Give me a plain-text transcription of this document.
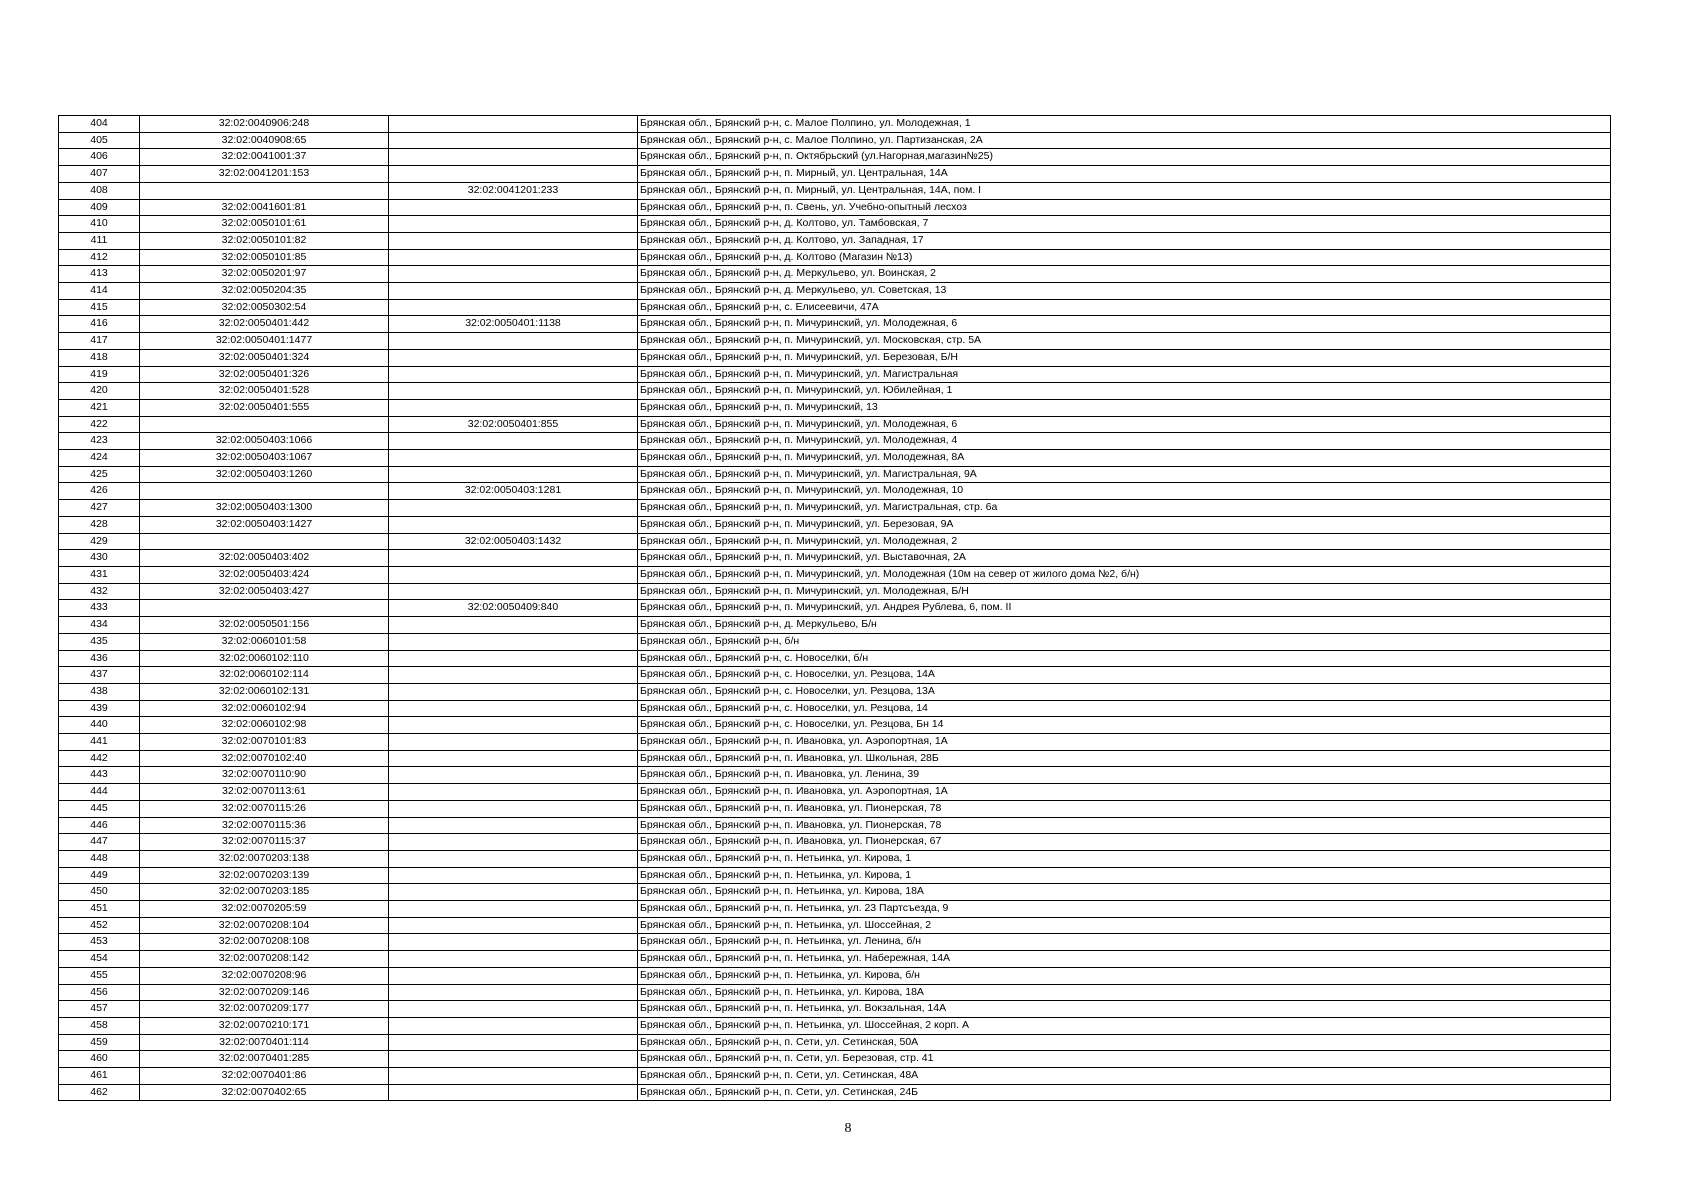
404	32:02:0040906:248		Брянская обл., Брянский р-н, с. Малое Полпино, ул. Молодежная, 1
405	32:02:0040908:65		Брянская обл., Брянский р-н, с. Малое Полпино, ул. Партизанская, 2А
406	32:02:0041001:37		Брянская обл., Брянский р-н, п. Октябрьский (ул.Нагорная,магазин№25)
407	32:02:0041201:153		Брянская обл., Брянский р-н, п. Мирный, ул. Центральная, 14А
408		32:02:0041201:233	Брянская обл., Брянский р-н, п. Мирный, ул. Центральная, 14А, пом. I
409	32:02:0041601:81		Брянская обл., Брянский р-н, п. Свень, ул. Учебно-опытный лесхоз
410	32:02:0050101:61		Брянская обл., Брянский р-н, д. Колтово, ул. Тамбовская, 7
411	32:02:0050101:82		Брянская обл., Брянский р-н, д. Колтово, ул. Западная, 17
412	32:02:0050101:85		Брянская обл., Брянский р-н, д. Колтово (Магазин №13)
413	32:02:0050201:97		Брянская обл., Брянский р-н, д. Меркульево, ул. Воинская, 2
414	32:02:0050204:35		Брянская обл., Брянский р-н, д. Меркульево, ул. Советская, 13
415	32:02:0050302:54		Брянская обл., Брянский р-н, с. Елисеевичи, 47А
416	32:02:0050401:442	32:02:0050401:1138	Брянская обл., Брянский р-н, п. Мичуринский, ул. Молодежная, 6
417	32:02:0050401:1477		Брянская обл., Брянский р-н, п. Мичуринский, ул. Московская, стр. 5А
418	32:02:0050401:324		Брянская обл., Брянский р-н, п. Мичуринский, ул. Березовая, Б/Н
419	32:02:0050401:326		Брянская обл., Брянский р-н, п. Мичуринский, ул. Магистральная
420	32:02:0050401:528		Брянская обл., Брянский р-н, п. Мичуринский, ул. Юбилейная, 1
421	32:02:0050401:555		Брянская обл., Брянский р-н, п. Мичуринский, 13
422		32:02:0050401:855	Брянская обл., Брянский р-н, п. Мичуринский, ул. Молодежная, 6
423	32:02:0050403:1066		Брянская обл., Брянский р-н, п. Мичуринский, ул. Молодежная, 4
424	32:02:0050403:1067		Брянская обл., Брянский р-н, п. Мичуринский, ул. Молодежная, 8А
425	32:02:0050403:1260		Брянская обл., Брянский р-н, п. Мичуринский, ул. Магистральная, 9А
426		32:02:0050403:1281	Брянская обл., Брянский р-н, п. Мичуринский, ул. Молодежная, 10
427	32:02:0050403:1300		Брянская обл., Брянский р-н, п. Мичуринский, ул. Магистральная, стр. 6а
428	32:02:0050403:1427		Брянская обл., Брянский р-н, п. Мичуринский, ул. Березовая, 9А
429		32:02:0050403:1432	Брянская обл., Брянский р-н, п. Мичуринский, ул. Молодежная, 2
430	32:02:0050403:402		Брянская обл., Брянский р-н, п. Мичуринский, ул. Выставочная, 2А
431	32:02:0050403:424		Брянская обл., Брянский р-н, п. Мичуринский, ул. Молодежная (10м на север от жилого дома №2, б/н)
432	32:02:0050403:427		Брянская обл., Брянский р-н, п. Мичуринский, ул. Молодежная, Б/Н
433		32:02:0050409:840	Брянская обл., Брянский р-н, п. Мичуринский, ул. Андрея Рублева, 6, пом. II
434	32:02:0050501:156		Брянская обл., Брянский р-н, д. Меркульево, Б/н
435	32:02:0060101:58		Брянская обл., Брянский р-н, б/н
436	32:02:0060102:110		Брянская обл., Брянский р-н, с. Новоселки, б/н
437	32:02:0060102:114		Брянская обл., Брянский р-н, с. Новоселки, ул. Резцова, 14А
438	32:02:0060102:131		Брянская обл., Брянский р-н, с. Новоселки, ул. Резцова, 13А
439	32:02:0060102:94		Брянская обл., Брянский р-н, с. Новоселки, ул. Резцова, 14
440	32:02:0060102:98		Брянская обл., Брянский р-н, с. Новоселки, ул. Резцова, Бн 14
441	32:02:0070101:83		Брянская обл., Брянский р-н, п. Ивановка, ул. Аэропортная, 1А
442	32:02:0070102:40		Брянская обл., Брянский р-н, п. Ивановка, ул. Школьная, 28Б
443	32:02:0070110:90		Брянская обл., Брянский р-н, п. Ивановка, ул. Ленина, 39
444	32:02:0070113:61		Брянская обл., Брянский р-н, п. Ивановка, ул. Аэропортная, 1А
445	32:02:0070115:26		Брянская обл., Брянский р-н, п. Ивановка, ул. Пионерская, 78
446	32:02:0070115:36		Брянская обл., Брянский р-н, п. Ивановка, ул. Пионерская, 78
447	32:02:0070115:37		Брянская обл., Брянский р-н, п. Ивановка, ул. Пионерская, 67
448	32:02:0070203:138		Брянская обл., Брянский р-н, п. Нетьинка, ул. Кирова, 1
449	32:02:0070203:139		Брянская обл., Брянский р-н, п. Нетьинка, ул. Кирова, 1
450	32:02:0070203:185		Брянская обл., Брянский р-н, п. Нетьинка, ул. Кирова, 18А
451	32:02:0070205:59		Брянская обл., Брянский р-н, п. Нетьинка, ул. 23 Партсъезда, 9
452	32:02:0070208:104		Брянская обл., Брянский р-н, п. Нетьинка, ул. Шоссейная, 2
453	32:02:0070208:108		Брянская обл., Брянский р-н, п. Нетьинка, ул. Ленина, б/н
454	32:02:0070208:142		Брянская обл., Брянский р-н, п. Нетьинка, ул. Набережная, 14А
455	32:02:0070208:96		Брянская обл., Брянский р-н, п. Нетьинка, ул. Кирова, б/н
456	32:02:0070209:146		Брянская обл., Брянский р-н, п. Нетьинка, ул. Кирова, 18А
457	32:02:0070209:177		Брянская обл., Брянский р-н, п. Нетьинка, ул. Вокзальная, 14А
458	32:02:0070210:171		Брянская обл., Брянский р-н, п. Нетьинка, ул. Шоссейная, 2 корп. А
459	32:02:0070401:114		Брянская обл., Брянский р-н, п. Сети, ул. Сетинская, 50А
460	32:02:0070401:285		Брянская обл., Брянский р-н, п. Сети, ул. Березовая, стр. 41
461	32:02:0070401:86		Брянская обл., Брянский р-н, п. Сети, ул. Сетинская, 48А
462	32:02:0070402:65		Брянская обл., Брянский р-н, п. Сети, ул. Сетинская, 24Б
8
